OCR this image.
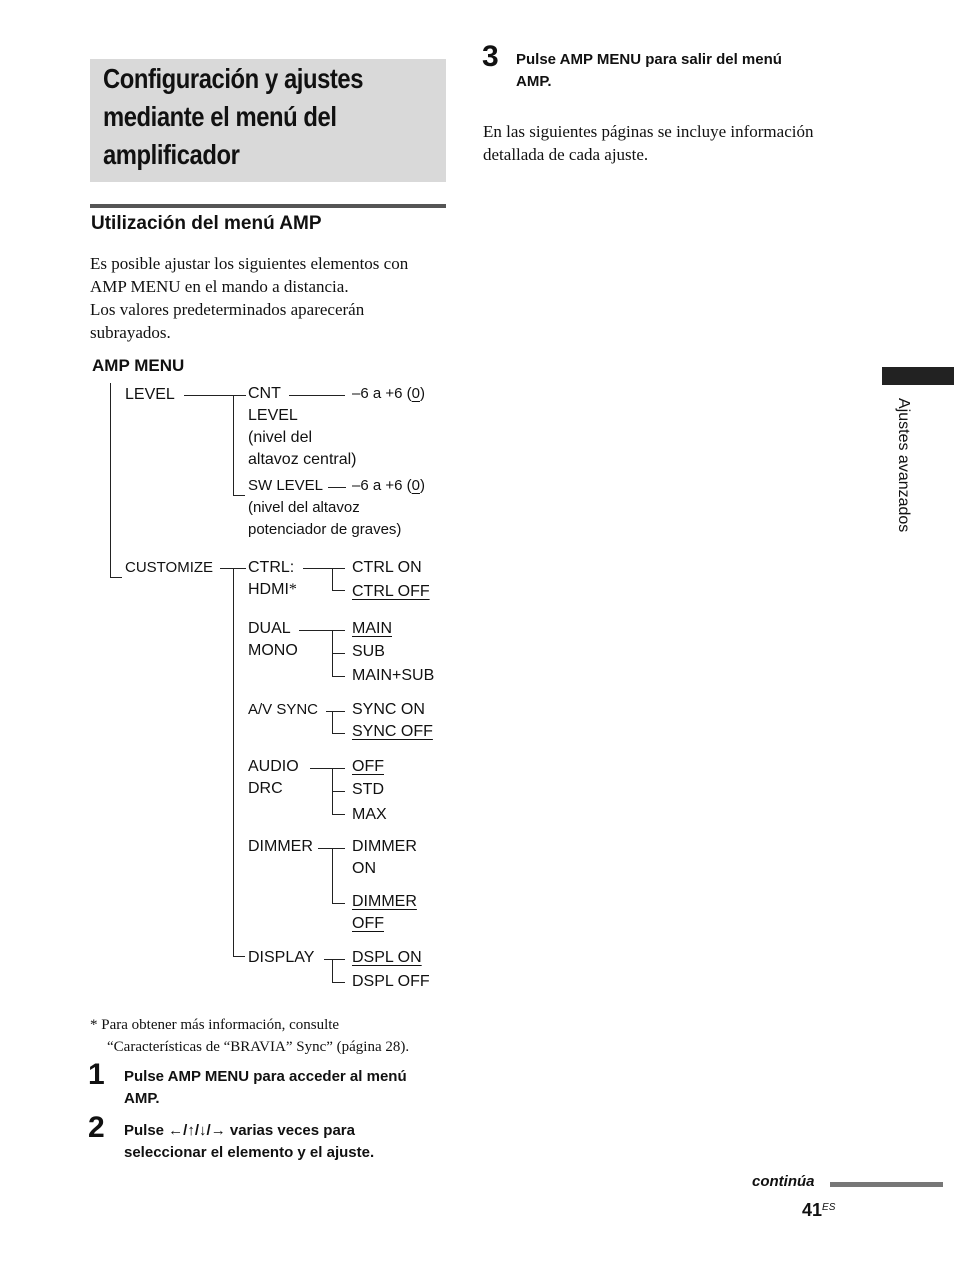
Configuración y ajustes
mediante el menú del
amplificador
Utilización del menú AMP
Es posible ajustar los siguientes elementos con
AMP MENU en el mando a distancia.
Los valores predeterminados aparecerán
subrayados.
AMP MENU
LEVEL	CNT
LEVEL
(nivel del
altavoz central)
–6 a +6 (0)
SW LEVEL
(nivel del altavoz
potenciador de graves)
–6 a +6 (0)
CUSTOMIZE CTRL:
HDMI*
CTRL ON
CTRL OFF
DUAL
MONO
MAIN
SUB
MAIN+SUB
A/V SYNC SYNC ON
SYNC OFF
AUDIO
DRC
OFF
STD
MAX
DIMMER DIMMER
ON
DIMMER
OFF
DISPLAY DSPL ON
DSPL OFF
* Para obtener más información, consulte
“Características de “BRAVIA” Sync” (página 28).
1 Pulse AMP MENU para acceder al menú
AMP.
2 Pulse ←/↑/↓/→ varias veces para
seleccionar el elemento y el ajuste.
3 Pulse AMP MENU para salir del menú
AMP.
En las siguientes páginas se incluye información
detallada de cada ajuste.
Ajustes avanzados
continúa
$41^{ES}$
